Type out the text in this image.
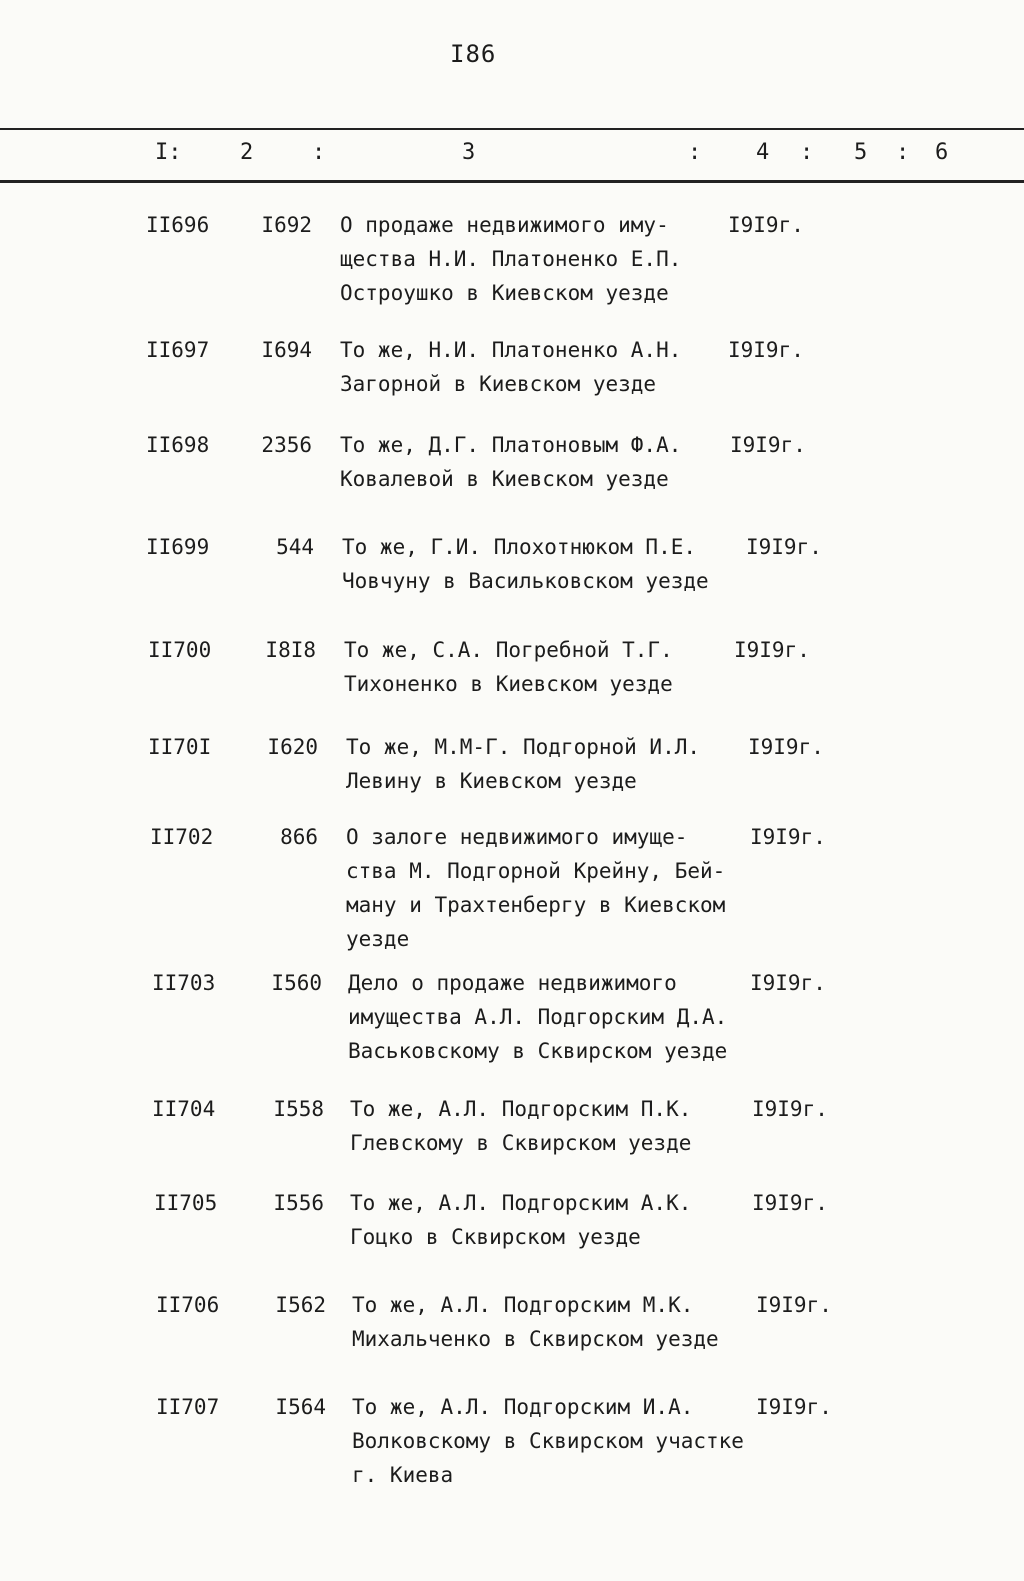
I86
I:	2	:	3	: 4 : 5 : 6
II696	I692 О продаже недвижимого иму-
щества Н.И. Платоненко Е.П.
Остроушко в Киевском уезде
I9I9г.
II697	I694 То же, Н.И. Платоненко А.Н.
Загорной в Киевском уезде
I9I9г.
II698	2356 То же, Д.Г. Платоновым Ф.А.
Ковалевой в Киевском уезде
I9I9г.
II699	544 То же, Г.И. Плохотнюком П.Е.
Човчуну в Васильковском уезде
I9I9г.
II700	I8I8 То же, С.А. Погребной Т.Г.
Тихоненко в Киевском уезде
I9I9г.
II70I	I620 То же, М.М-Г. Подгорной И.Л.
Левину в Киевском уезде
I9I9г.
II702	866 О залоге недвижимого имуще-
ства М. Подгорной Крейну, Бей-
ману и Трахтенбергу в Киевском
уезде
I9I9г.
II703	I560 Дело о продаже недвижимого
имущества А.Л. Подгорским Д.А.
Васьковскому в Сквирском уезде
I9I9г.
II704	I558 То же, А.Л. Подгорским П.К.
Глевскому в Сквирском уезде
I9I9г.
II705	I556 То же, А.Л. Подгорским А.К.
Гоцко в Сквирском уезде
I9I9г.
II706	I562 То же, А.Л. Подгорским М.К.
Михальченко в Сквирском уезде
I9I9г.
II707	I564 То же, А.Л. Подгорским И.А.
Волковскому в Сквирском участке
г. Киева
I9I9г.
